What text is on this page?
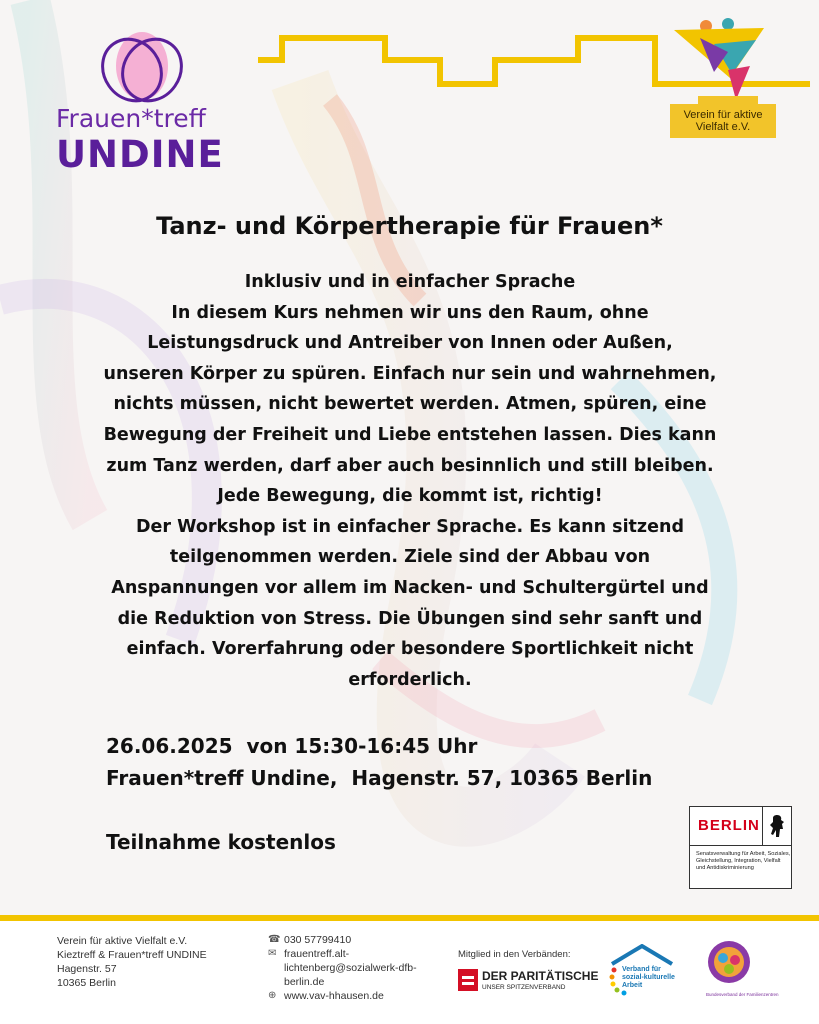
Frauen*treff
UNDINE
Verein für aktive Vielfalt e.V.
Tanz- und Körpertherapie für Frauen*
Inklusiv und in einfacher Sprache
In diesem Kurs nehmen wir uns den Raum, ohne
Leistungsdruck und Antreiber von Innen oder Außen,
unseren Körper zu spüren. Einfach nur sein und wahrnehmen,
nichts müssen, nicht bewertet werden. Atmen, spüren, eine
Bewegung der Freiheit und Liebe entstehen lassen. Dies kann
zum Tanz werden, darf aber auch besinnlich und still bleiben.
Jede Bewegung, die kommt ist, richtig!
Der Workshop ist in einfacher Sprache. Es kann sitzend
teilgenommen werden. Ziele sind der Abbau von
Anspannungen vor allem im Nacken- und Schultergürtel und
die Reduktion von Stress. Die Übungen sind sehr sanft und
einfach. Vorerfahrung oder besondere Sportlichkeit nicht
erforderlich.
26.06.2025  von 15:30-16:45 Uhr
Frauen*treff Undine,  Hagenstr. 57, 10365 Berlin
Teilnahme kostenlos
BERLIN
Senatsverwaltung für Arbeit, Soziales, Gleichstellung, Integration, Vielfalt und Antidiskriminierung
Verein für aktive Vielfalt e.V.
Kieztreff & Frauen*treff UNDINE
Hagenstr. 57
10365 Berlin
☎ 030 57799410
✉ frauentreff.alt-
lichtenberg@sozialwerk-dfb-
berlin.de
⊕ www.vav-hhausen.de
Mitglied in den Verbänden:
DER PARITÄTISCHE
UNSER SPITZENVERBAND
Verband für sozial-kulturelle Arbeit
Bundesverband der Familienzentren
